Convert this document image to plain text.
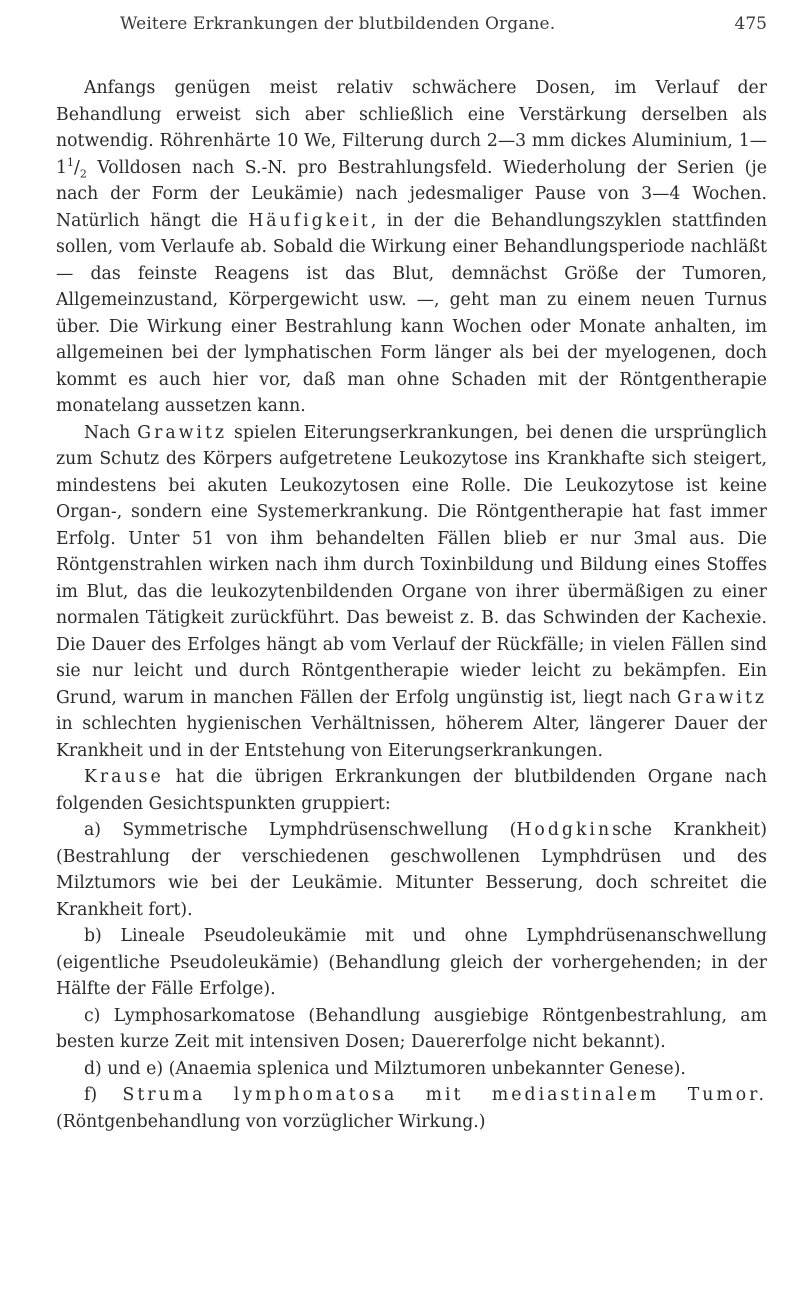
Weitere Erkrankungen der blutbildenden Organe.	475

Anfangs genügen meist relativ schwächere Dosen, im Verlauf der Behandlung erweist sich aber schließlich eine Verstärkung derselben als notwendig. Röhrenhärte 10 We, Filterung durch 2—3 mm dickes Aluminium, $1—1^1/_2$ Volldosen nach S.-N. pro Bestrahlungsfeld. Wiederholung der Serien (je nach der Form der Leukämie) nach jedesmaliger Pause von 3—4 Wochen. Natürlich hängt die Häufigkeit, in der die Behandlungszyklen stattfinden sollen, vom Verlaufe ab. Sobald die Wirkung einer Behandlungsperiode nachläßt — das feinste Reagens ist das Blut, demnächst Größe der Tumoren, Allgemeinzustand, Körpergewicht usw. —, geht man zu einem neuen Turnus über. Die Wirkung einer Bestrahlung kann Wochen oder Monate anhalten, im allgemeinen bei der lymphatischen Form länger als bei der myelogenen, doch kommt es auch hier vor, daß man ohne Schaden mit der Röntgentherapie monatelang aussetzen kann.

Nach Grawitz spielen Eiterungserkrankungen, bei denen die ursprünglich zum Schutz des Körpers aufgetretene Leukozytose ins Krankhafte sich steigert, mindestens bei akuten Leukozytosen eine Rolle. Die Leukozytose ist keine Organ-, sondern eine Systemerkrankung. Die Röntgentherapie hat fast immer Erfolg. Unter 51 von ihm behandelten Fällen blieb er nur 3mal aus. Die Röntgenstrahlen wirken nach ihm durch Toxinbildung und Bildung eines Stoffes im Blut, das die leukozytenbildenden Organe von ihrer übermäßigen zu einer normalen Tätigkeit zurückführt. Das beweist z. B. das Schwinden der Kachexie. Die Dauer des Erfolges hängt ab vom Verlauf der Rückfälle; in vielen Fällen sind sie nur leicht und durch Röntgentherapie wieder leicht zu bekämpfen. Ein Grund, warum in manchen Fällen der Erfolg ungünstig ist, liegt nach Grawitz in schlechten hygienischen Verhältnissen, höherem Alter, längerer Dauer der Krankheit und in der Entstehung von Eiterungserkrankungen.

Krause hat die übrigen Erkrankungen der blutbildenden Organe nach folgenden Gesichtspunkten gruppiert:

a) Symmetrische Lymphdrüsenschwellung (Hodgkinsche Krankheit) (Bestrahlung der verschiedenen geschwollenen Lymphdrüsen und des Milztumors wie bei der Leukämie. Mitunter Besserung, doch schreitet die Krankheit fort).

b) Lineale Pseudoleukämie mit und ohne Lymphdrüsenanschwellung (eigentliche Pseudoleukämie) (Behandlung gleich der vorhergehenden; in der Hälfte der Fälle Erfolge).

c) Lymphosarkomatose (Behandlung ausgiebige Röntgenbestrahlung, am besten kurze Zeit mit intensiven Dosen; Dauererfolge nicht bekannt).

d) und e) (Anaemia splenica und Milztumoren unbekannter Genese).

f) Struma lymphomatosa mit mediastinalem Tumor. (Röntgenbehandlung von vorzüglicher Wirkung.)
